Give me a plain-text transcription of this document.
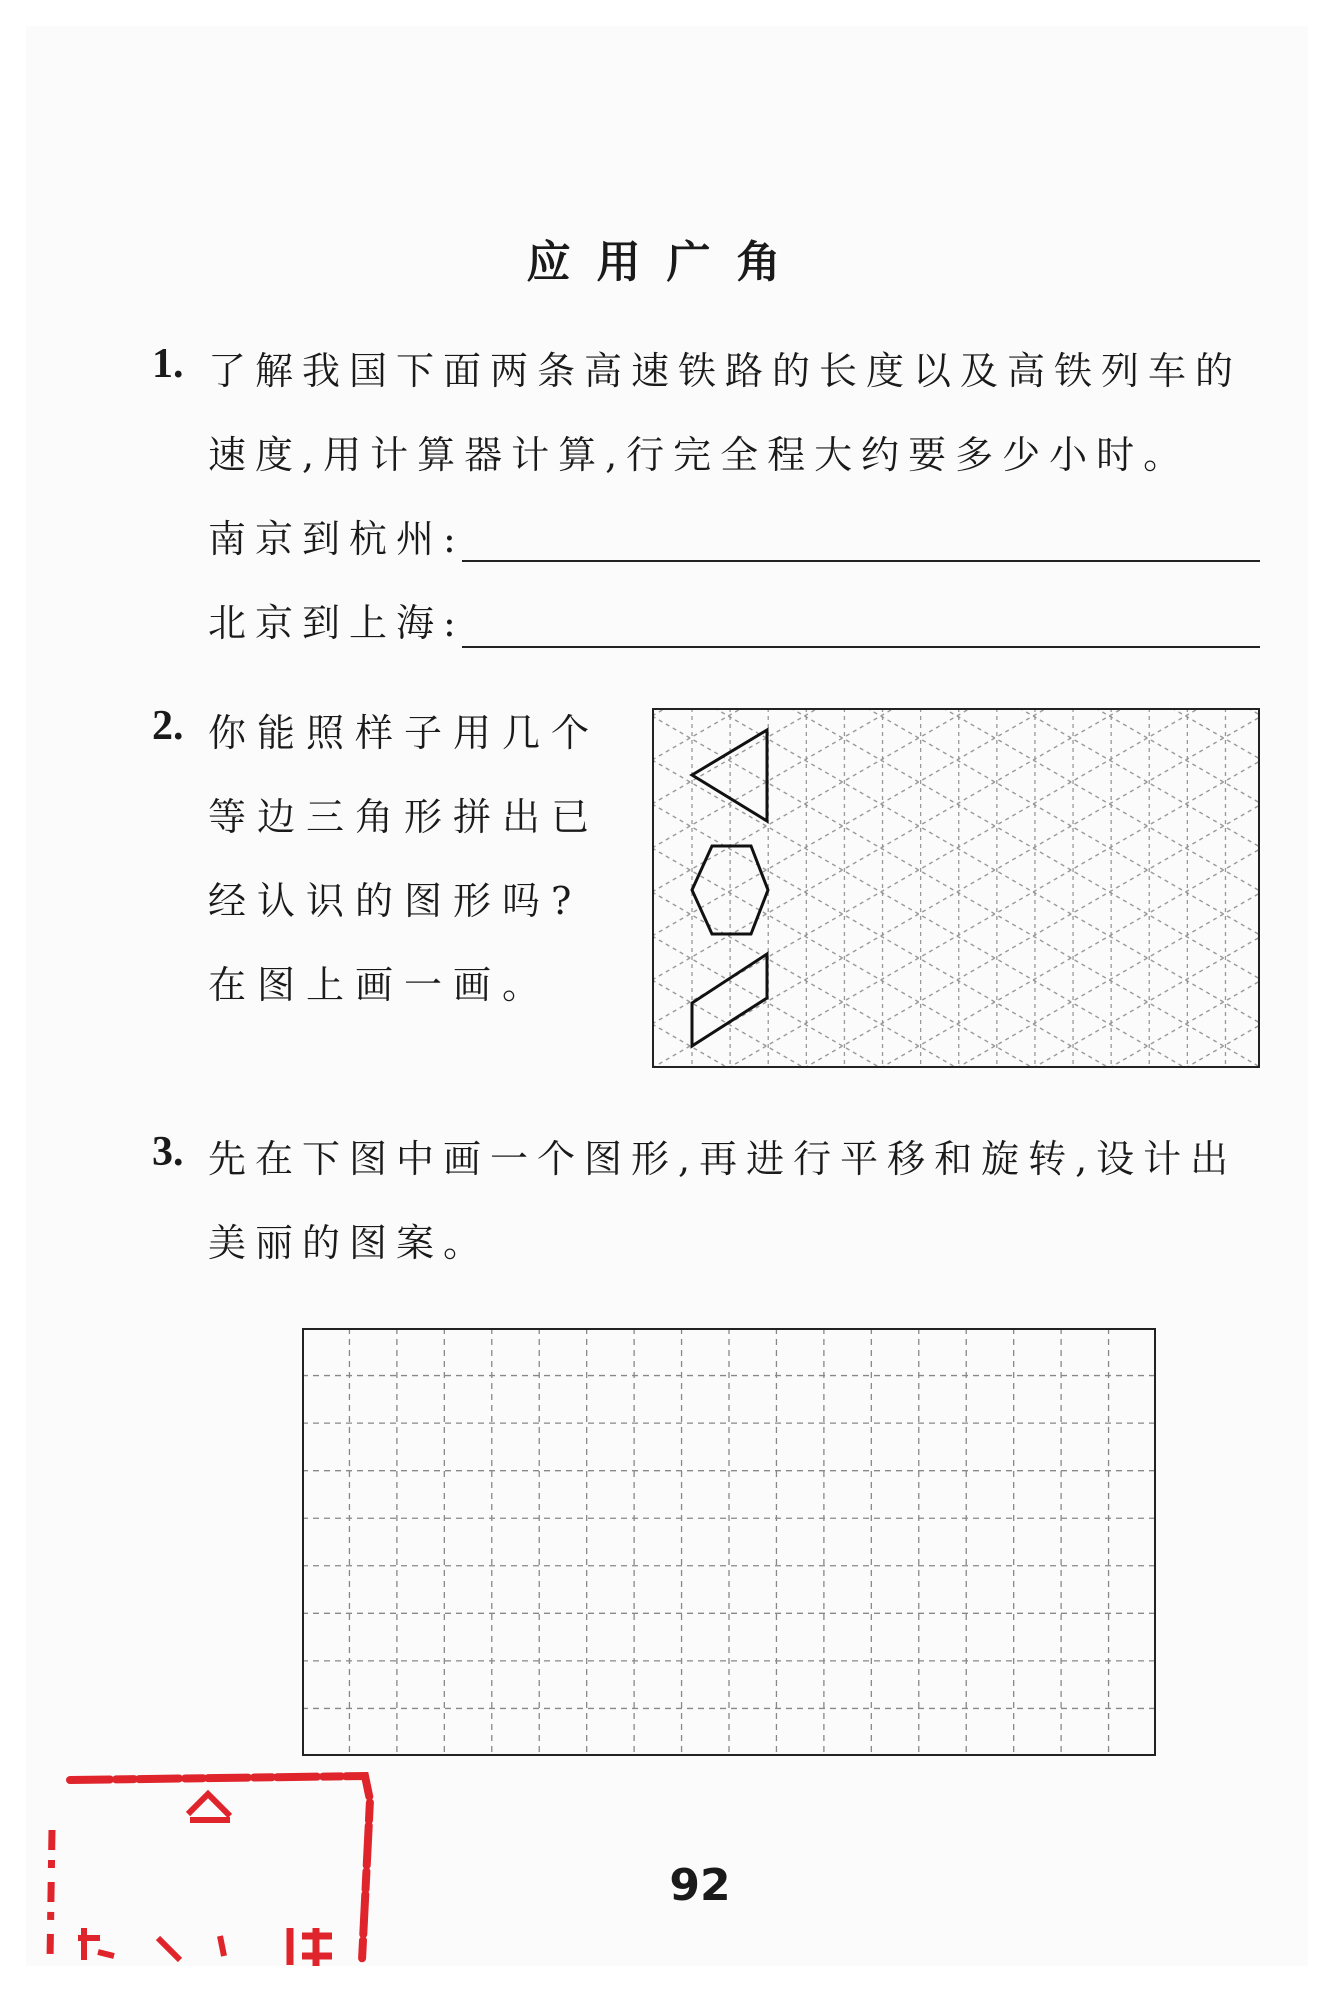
应用广角
1. 了解我国下面两条高速铁路的长度以及高铁列车的
速度,用计算器计算,行完全程大约要多少小时。
南京到杭州:
北京到上海:
2. 你能照样子用几个
等边三角形拼出已
经认识的图形吗?
在图上画一画。
3. 先在下图中画一个图形,再进行平移和旋转,设计出
美丽的图案。
92
